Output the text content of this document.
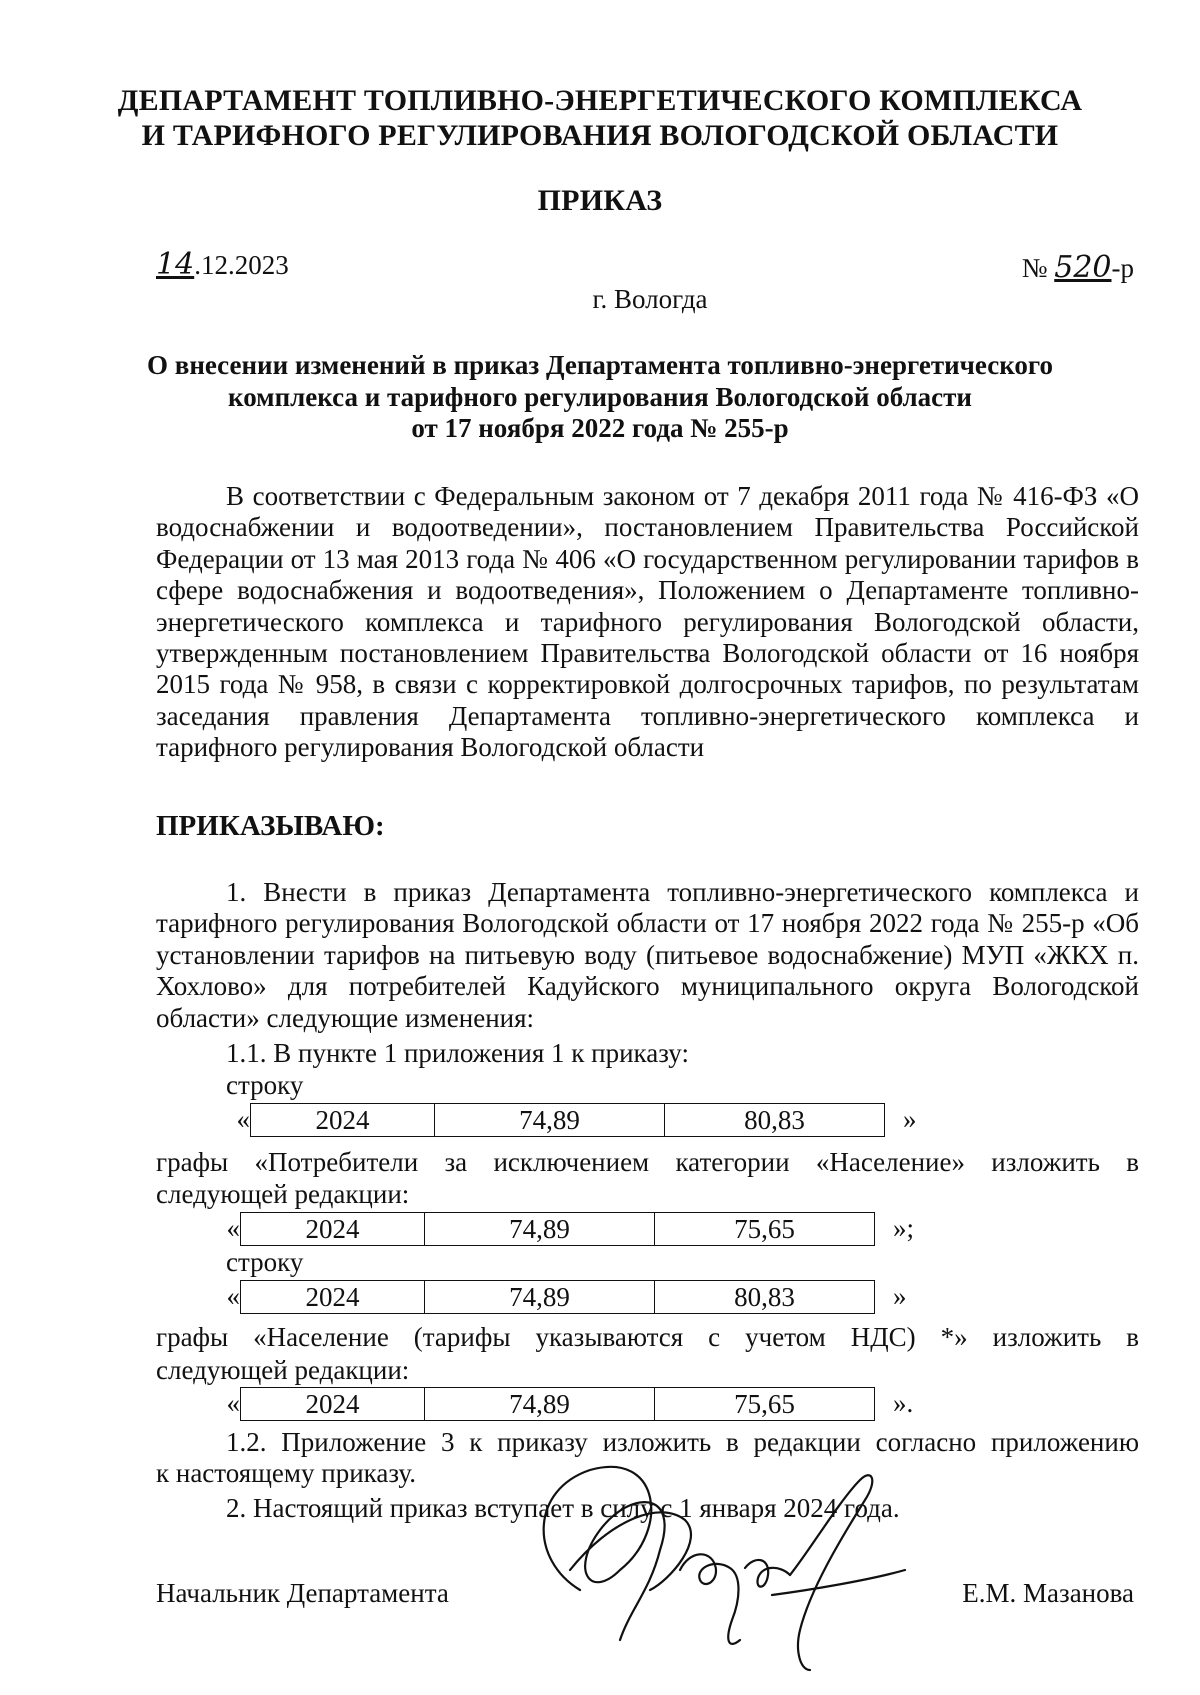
ДЕПАРТАМЕНТ ТОПЛИВНО-ЭНЕРГЕТИЧЕСКОГО КОМПЛЕКСА
И ТАРИФНОГО РЕГУЛИРОВАНИЯ ВОЛОГОДСКОЙ ОБЛАСТИ
ПРИКАЗ
14.12.2023	№ 520-р
г. Вологда
О внесении изменений в приказ Департамента топливно-энергетического
комплекса и тарифного регулирования Вологодской области
от 17 ноября 2022 года № 255-р
В соответствии с Федеральным законом от 7 декабря 2011 года № 416-ФЗ «О водоснабжении и водоотведении», постановлением Правительства Российской Федерации от 13 мая 2013 года № 406 «О государственном регулировании тарифов в сфере водоснабжения и водоотведения», Положением о Департаменте топливно-энергетического комплекса и тарифного регулирования Вологодской области, утвержденным постановлением Правительства Вологодской области от 16 ноября 2015 года № 958, в связи с корректировкой долгосрочных тарифов, по результатам заседания правления Департамента топливно-энергетического комплекса и тарифного регулирования Вологодской области
ПРИКАЗЫВАЮ:
1. Внести в приказ Департамента топливно-энергетического комплекса и тарифного регулирования Вологодской области от 17 ноября 2022 года № 255-р «Об установлении тарифов на питьевую воду (питьевое водоснабжение) МУП «ЖКХ п. Хохлово» для потребителей Кадуйского муниципального округа Вологодской области» следующие изменения:
1.1. В пункте 1 приложения 1 к приказу:
строку
«	2024	74,89	80,83	»
графы «Потребители за исключением категории «Население» изложить в
следующей редакции:
«	2024	74,89	75,65	»;
строку
«	2024	74,89	80,83	»
графы «Население (тарифы указываются с учетом НДС) *» изложить в
следующей редакции:
«	2024	74,89	75,65	».
1.2. Приложение 3 к приказу изложить в редакции согласно приложению
к настоящему приказу.
2. Настоящий приказ вступает в силу с 1 января 2024 года.
Начальник Департамента	Е.М. Мазанова
